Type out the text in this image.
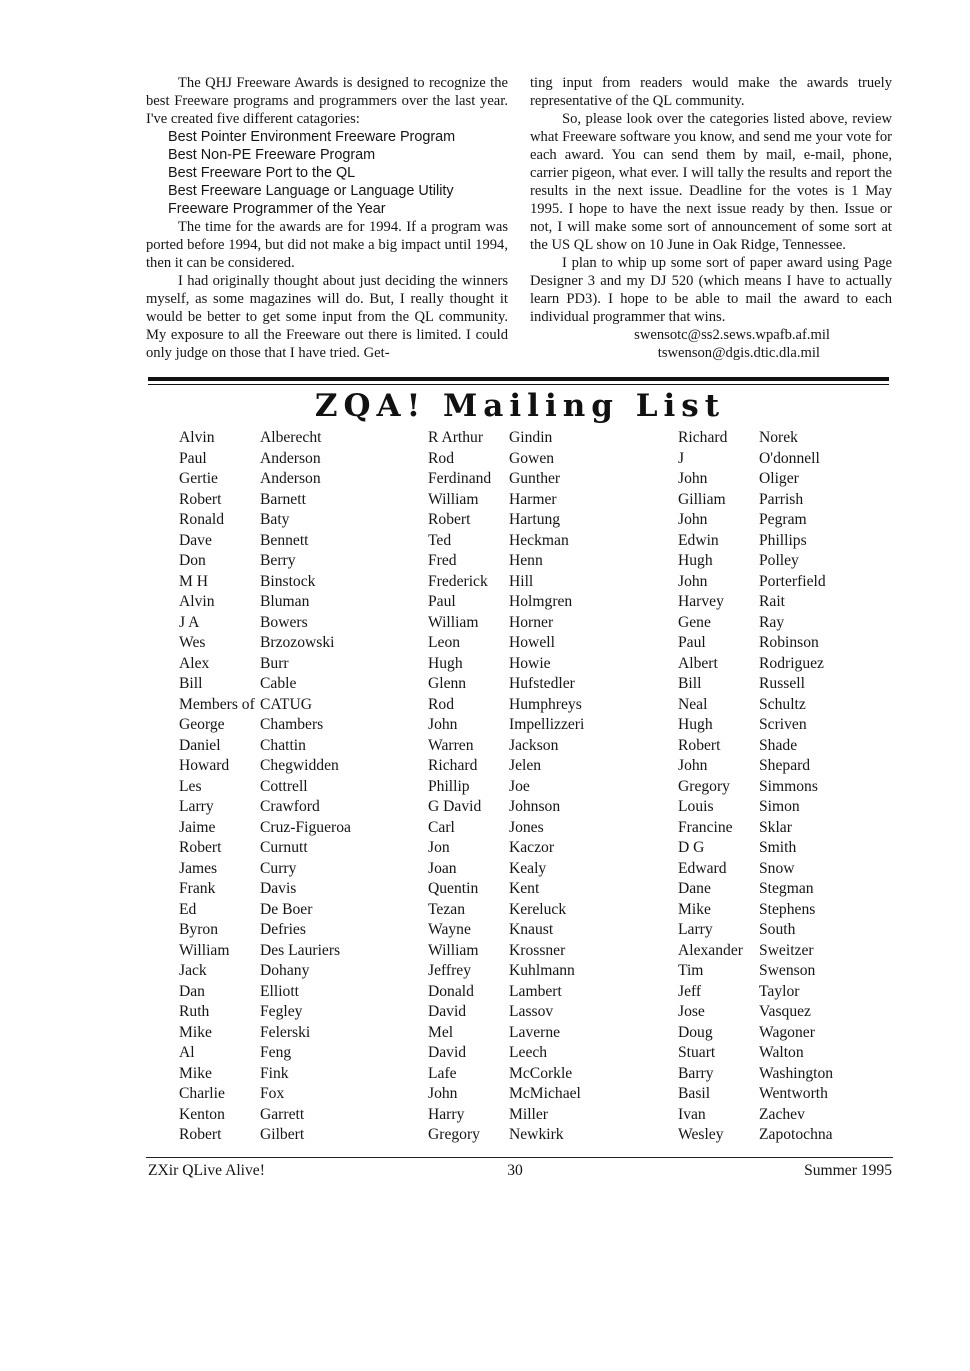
The QHJ Freeware Awards is designed to recognize the best Freeware programs and programmers over the last year. I've created five different catagories:

Best Pointer Environment Freeware Program
Best Non-PE Freeware Program
Best Freeware Port to the QL
Best Freeware Language or Language Utility
Freeware Programmer of the Year

The time for the awards are for 1994. If a program was ported before 1994, but did not make a big impact until 1994, then it can be considered.

I had originally thought about just deciding the winners myself, as some magazines will do. But, I really thought it would be better to get some input from the QL community. My exposure to all the Freeware out there is limited. I could only judge on those that I have tried. Get-

ting input from readers would make the awards truely representative of the QL community.

So, please look over the categories listed above, review what Freeware software you know, and send me your vote for each award. You can send them by mail, e-mail, phone, carrier pigeon, what ever. I will tally the results and report the results in the next issue. Deadline for the votes is 1 May 1995. I hope to have the next issue ready by then. Issue or not, I will make some sort of announcement of some sort at the US QL show on 10 June in Oak Ridge, Tennessee.

I plan to whip up some sort of paper award using Page Designer 3 and my DJ 520 (which means I have to actually learn PD3). I hope to be able to mail the award to each individual programmer that wins.

swensotc@ss2.sews.wpafb.af.mil

tswenson@dgis.dtic.dla.mil

ZQA! Mailing List
Alvin	Alberecht
Paul	Anderson
Gertie	Anderson
Robert Barnett
Ronald Baty
Dave	Bennett
Don	Berry
M H	Binstock
Alvin	Bluman
J A	Bowers
Wes	Brzozowski
Alex	Burr
Bill	Cable
Members of CATUG
George Chambers
Daniel	Chattin
Howard Chegwidden
Les	Cottrell
Larry	Crawford
Jaime	Cruz-Figueroa
Robert Curnutt
James	Curry
Frank	Davis
Ed	De Boer
Byron	Defries
William Des Lauriers
Jack	Dohany
Dan	Elliott
Ruth	Fegley
Mike	Felerski
Al	Feng
Mike	Fink
Charlie Fox
Kenton Garrett
Robert Gilbert
R Arthur Gindin
Rod	Gowen
Ferdinand Gunther
William Harmer
Robert Hartung
Ted	Heckman
Fred	Henn
Frederick Hill
Paul	Holmgren
William Horner
Leon	Howell
Hugh	Howie
Glenn	Hufstedler
Rod	Humphreys
John	Impellizzeri
Warren Jackson
Richard Jelen
Phillip	Joe
G David Johnson
Carl	Jones
Jon	Kaczor
Joan	Kealy
Quentin Kent
Tezan	Kereluck
Wayne Knaust
William Krossner
Jeffrey Kuhlmann
Donald Lambert
David	Lassov
Mel	Laverne
David	Leech
Lafe	McCorkle
John	McMichael
Harry	Miller
Gregory Newkirk
Richard Norek
J	O'donnell
John	Oliger
Gilliam Parrish
John	Pegram
Edwin	Phillips
Hugh	Polley
John	Porterfield
Harvey Rait
Gene	Ray
Paul	Robinson
Albert	Rodriguez
Bill	Russell
Neal	Schultz
Hugh	Scriven
Robert Shade
John	Shepard
Gregory Simmons
Louis	Simon
Francine Sklar
D G	Smith
Edward Snow
Dane	Stegman
Mike	Stephens
Larry	South
Alexander Sweitzer
Tim	Swenson
Jeff	Taylor
Jose	Vasquez
Doug	Wagoner
Stuart	Walton
Barry	Washington
Basil	Wentworth
Ivan	Zachev
Wesley Zapotochna
ZXir QLive Alive!	30	Summer 1995
